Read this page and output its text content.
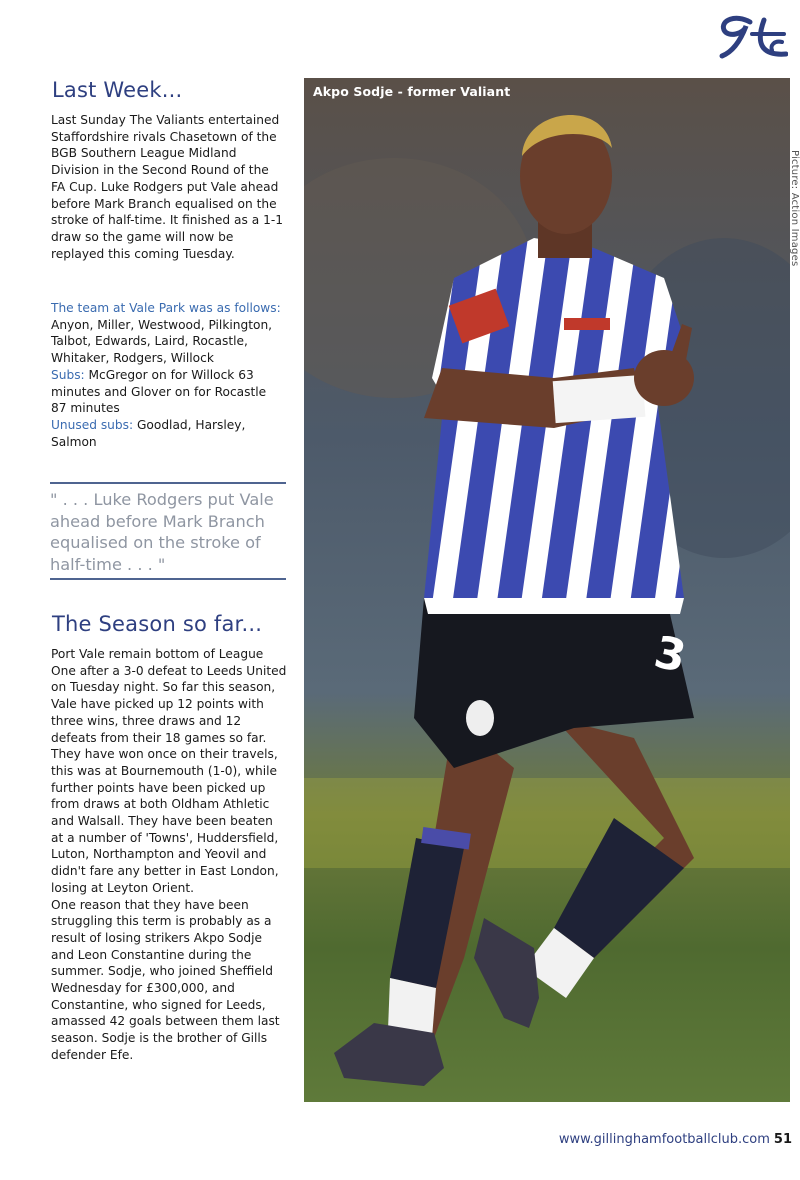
Last Week...
Last Sunday The Valiants entertained Staffordshire rivals Chasetown of the BGB Southern League Midland Division in the Second Round of the FA Cup. Luke Rodgers put Vale ahead before Mark Branch equalised on the stroke of half-time. It finished as a 1-1 draw so the game will now be replayed this coming Tuesday.
The team at Vale Park was as follows:
Anyon, Miller, Westwood, Pilkington, Talbot, Edwards, Laird, Rocastle, Whitaker, Rodgers, Willock
Subs: McGregor on for Willock 63 minutes and Glover on for Rocastle 87 minutes
Unused subs: Goodlad, Harsley, Salmon
" . . . Luke Rodgers put Vale ahead before Mark Branch equalised on the stroke of half-time . . . "
The Season so far...
Port Vale remain bottom of League One after a 3-0 defeat to Leeds United on Tuesday night. So far this season, Vale have picked up 12 points with three wins, three draws and 12 defeats from their 18 games so far.
They have won once on their travels, this was at Bournemouth (1-0), while further points have been picked up from draws at both Oldham Athletic and Walsall. They have been beaten at a number of 'Towns', Huddersfield, Luton, Northampton and Yeovil and didn't fare any better in East London, losing at Leyton Orient.
One reason that they have been struggling this term is probably as a result of losing strikers Akpo Sodje and Leon Constantine during the summer. Sodje, who joined Sheffield Wednesday for £300,000, and Constantine, who signed for Leeds, amassed 42 goals between them last season. Sodje is the brother of Gills defender Efe.
3
Akpo Sodje - former Valiant
Picture: Action Images
www.gillinghamfootballclub.com 51
